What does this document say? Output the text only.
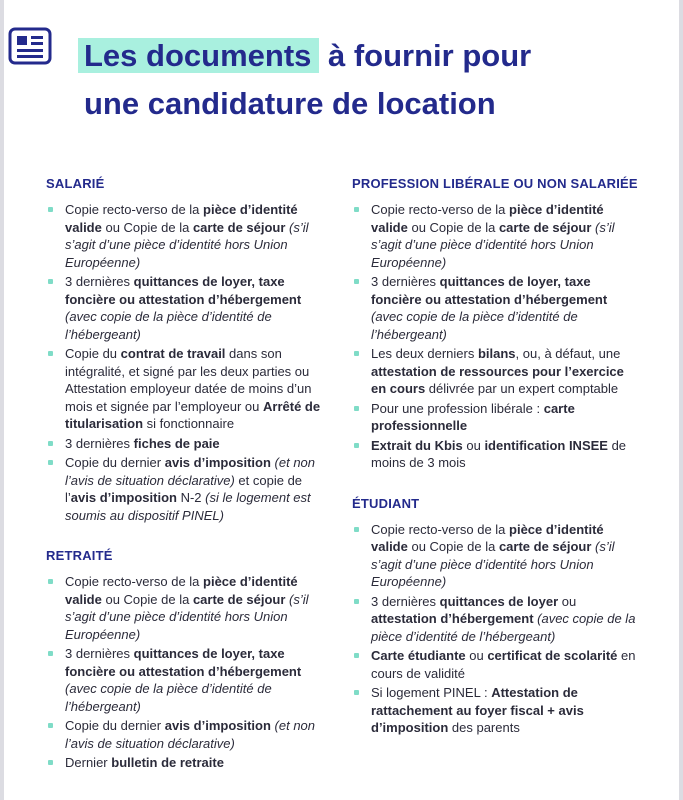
Les documents à fournir pour
une candidature de location
SALARIÉ
Copie recto-verso de la pièce d’identité valide ou Copie de la carte de séjour (s’il s’agit d’une pièce d’identité hors Union Européenne)
3 dernières quittances de loyer, taxe foncière ou attestation d’hébergement (avec copie de la pièce d’identité de l’hébergeant)
Copie du contrat de travail dans son intégralité, et signé par les deux parties ou Attestation employeur datée de moins d’un mois et signée par l’employeur ou Arrêté de titularisation si fonctionnaire
3 dernières fiches de paie
Copie du dernier avis d’imposition (et non l’avis de situation déclarative) et copie de l’avis d’imposition N-2 (si le logement est soumis au dispositif PINEL)
RETRAITÉ
Copie recto-verso de la pièce d’identité valide ou Copie de la carte de séjour (s’il s’agit d’une pièce d’identité hors Union Européenne)
3 dernières quittances de loyer, taxe foncière ou attestation d’hébergement (avec copie de la pièce d’identité de l’hébergeant)
Copie du dernier avis d’imposition (et non l’avis de situation déclarative)
Dernier bulletin de retraite
PROFESSION LIBÉRALE OU NON SALARIÉE
Copie recto-verso de la pièce d’identité valide ou Copie de la carte de séjour (s’il s’agit d’une pièce d’identité hors Union Européenne)
3 dernières quittances de loyer, taxe foncière ou attestation d’hébergement (avec copie de la pièce d’identité de l’hébergeant)
Les deux derniers bilans, ou, à défaut, une attestation de ressources pour l’exercice en cours délivrée par un expert comptable
Pour une profession libérale : carte professionnelle
Extrait du Kbis ou identification INSEE de moins de 3 mois
ÉTUDIANT
Copie recto-verso de la pièce d’identité valide ou Copie de la carte de séjour (s’il s’agit d’une pièce d’identité hors Union Européenne)
3 dernières quittances de loyer ou attestation d’hébergement (avec copie de la pièce d’identité de l’hébergeant)
Carte étudiante ou certificat de scolarité en cours de validité
Si logement PINEL : Attestation de rattachement au foyer fiscal + avis d’imposition des parents
